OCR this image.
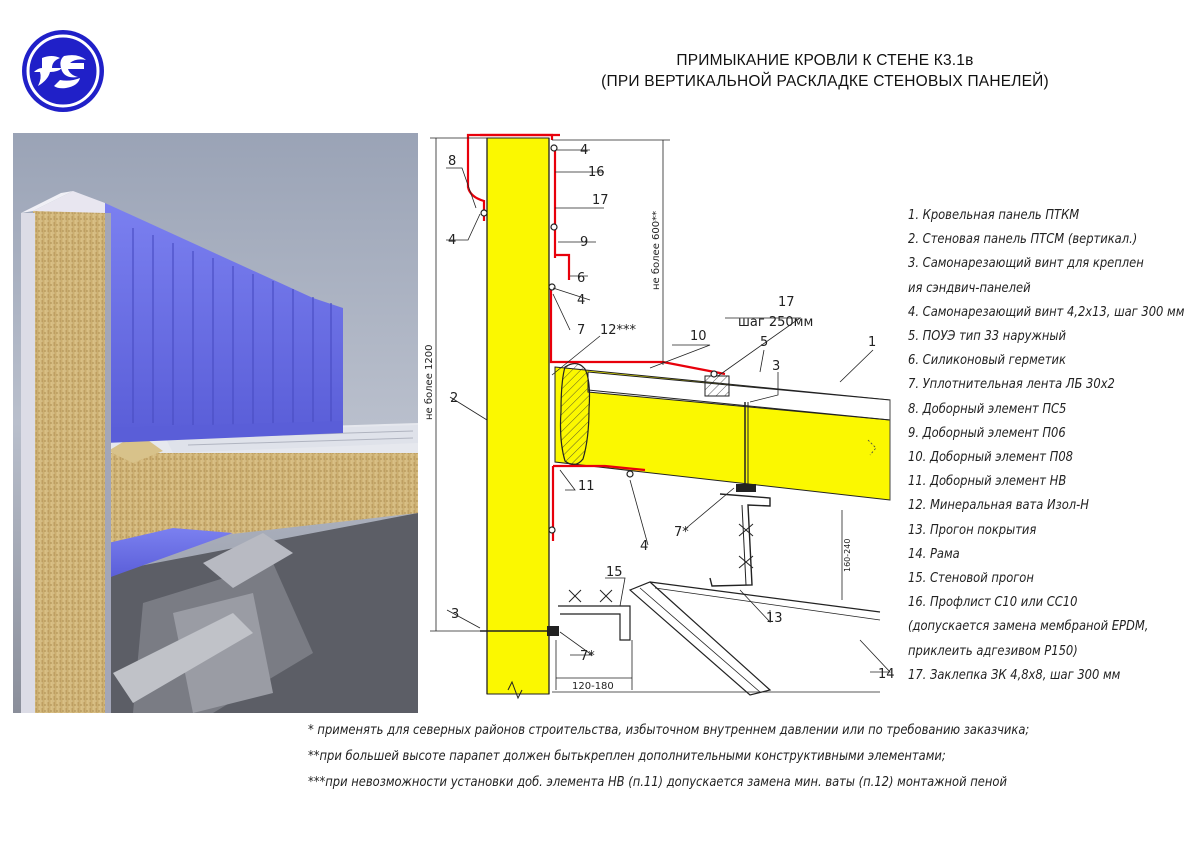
ПРИМЫКАНИЕ КРОВЛИ К СТЕНЕ К3.1в
(ПРИ ВЕРТИКАЛЬНОЙ РАСКЛАДКЕ СТЕНОВЫХ ПАНЕЛЕЙ)
8
4
4
16
17
9
6
4
7 12***	10
17
шаг 250мм
5
3
1
2
11
7*
4
15
3
7*
13
14
не более 1200
не более 600**
120-180
160-240
1. Кровельная панель ПТКМ
2. Стеновая панель ПТСМ (вертикал.)
3. Самонарезающий винт для креплен
ия сэндвич-панелей
4. Самонарезающий винт 4,2х13, шаг 300 мм
5. ПОУЭ тип 33 наружный
6. Силиконовый герметик
7. Уплотнительная лента ЛБ 30х2
8. Доборный элемент ПС5
9. Доборный элемент П06
10. Доборный элемент П08
11. Доборный элемент НВ
12. Минеральная вата Изол-Н
13. Прогон покрытия
14. Рама
15. Стеновой прогон
16. Профлист С10 или СС10
(допускается замена мембраной EPDM,
приклеить адгезивом Р150)
17. Заклепка ЗК 4,8х8, шаг 300 мм
* применять для северных районов строительства, избыточном внутреннем давлении или по требованию заказчика;
**при большей высоте парапет должен бытькреплен дополнительными конструктивными элементами;
***при невозможности установки доб. элемента НВ (п.11) допускается замена мин. ваты (п.12) монтажной пеной
